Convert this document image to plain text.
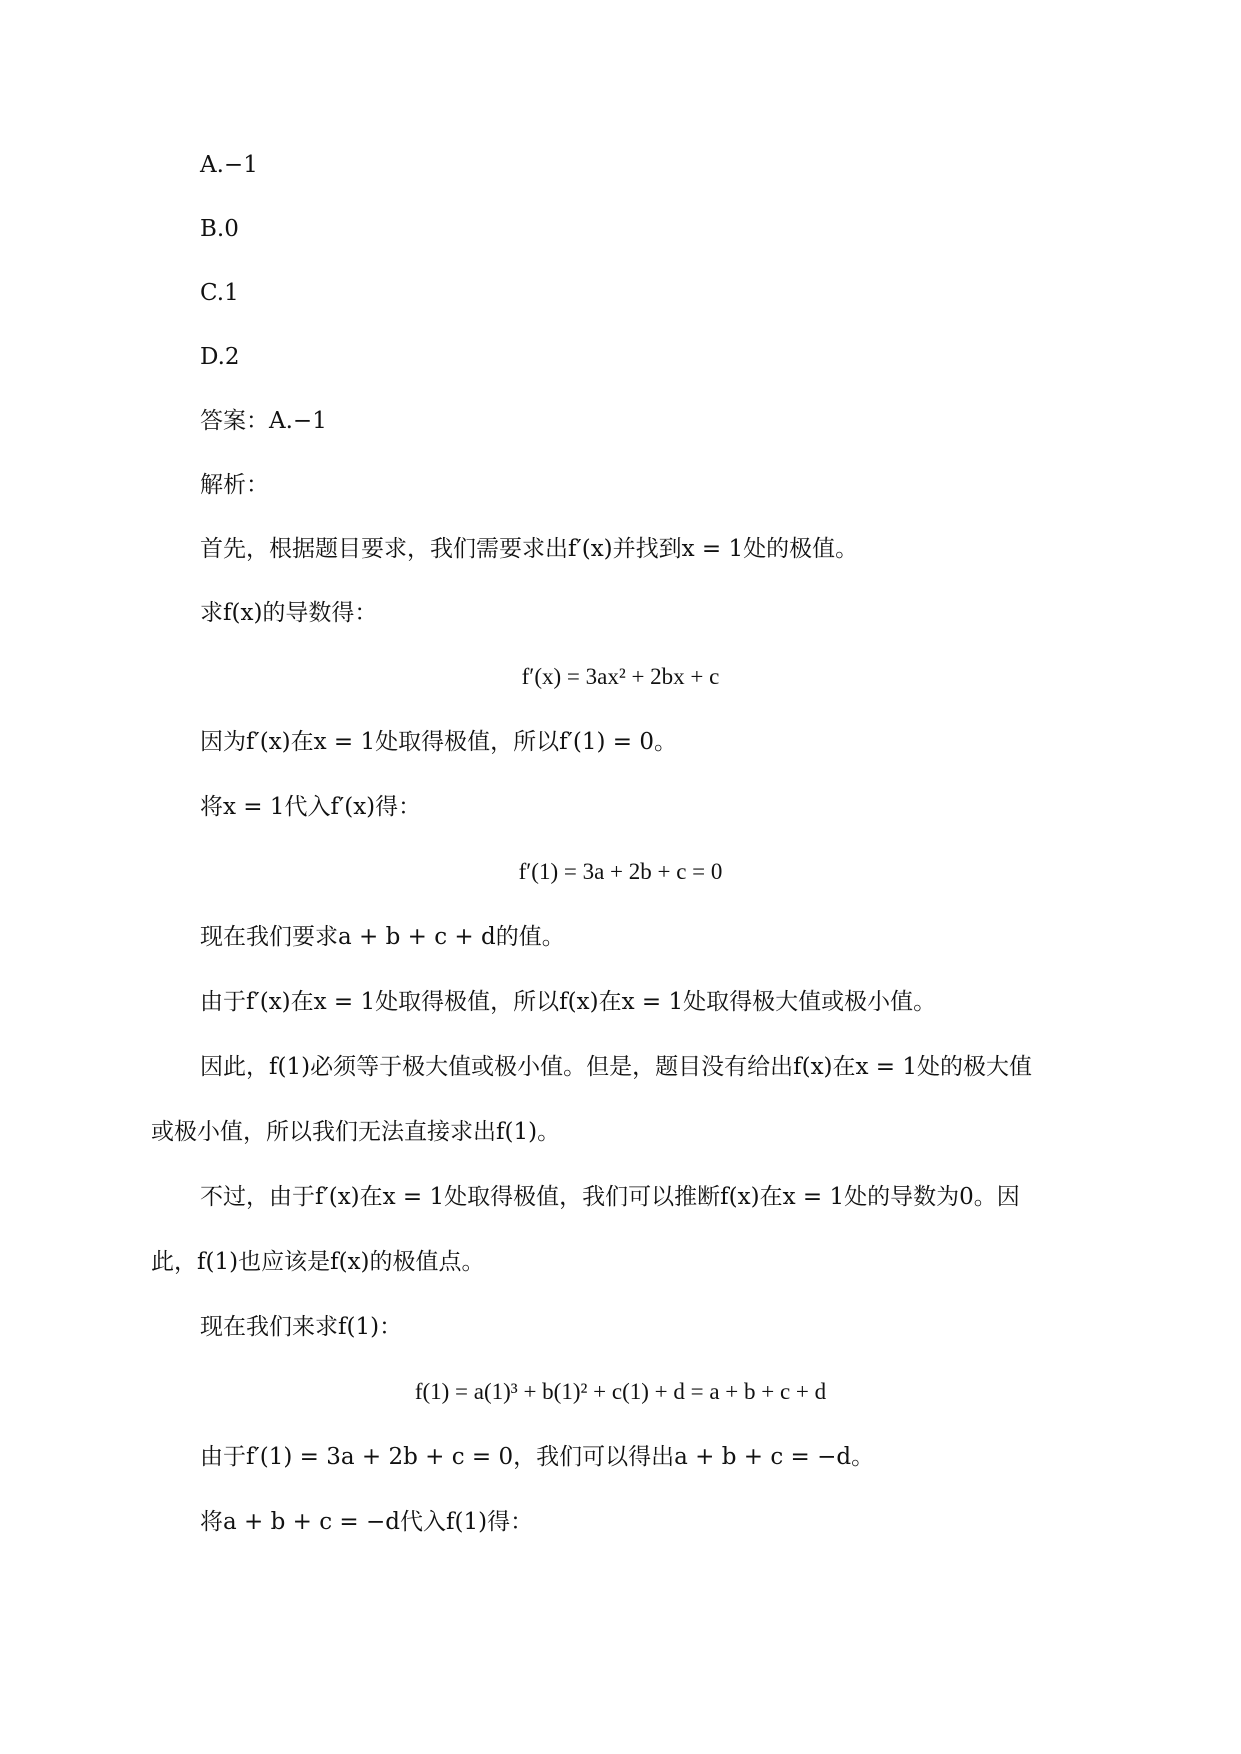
A.−1
B.0
C.1
D.2
答案：A.−1
解析：
首先，根据题目要求，我们需要求出f′(x)并找到x = 1处的极值。
求f(x)的导数得：
f′(x) = 3ax² + 2bx + c
因为f′(x)在x = 1处取得极值，所以f′(1) = 0。
将x = 1代入f′(x)得：
f′(1) = 3a + 2b + c = 0
现在我们要求a + b + c + d的值。
由于f′(x)在x = 1处取得极值，所以f(x)在x = 1处取得极大值或极小值。
因此，f(1)必须等于极大值或极小值。但是，题目没有给出f(x)在x = 1处的极大值
或极小值，所以我们无法直接求出f(1)。
不过，由于f′(x)在x = 1处取得极值，我们可以推断f(x)在x = 1处的导数为0。因
此，f(1)也应该是f(x)的极值点。
现在我们来求f(1)：
f(1) = a(1)³ + b(1)² + c(1) + d = a + b + c + d
由于f′(1) = 3a + 2b + c = 0，我们可以得出a + b + c = −d。
将a + b + c = −d代入f(1)得：
